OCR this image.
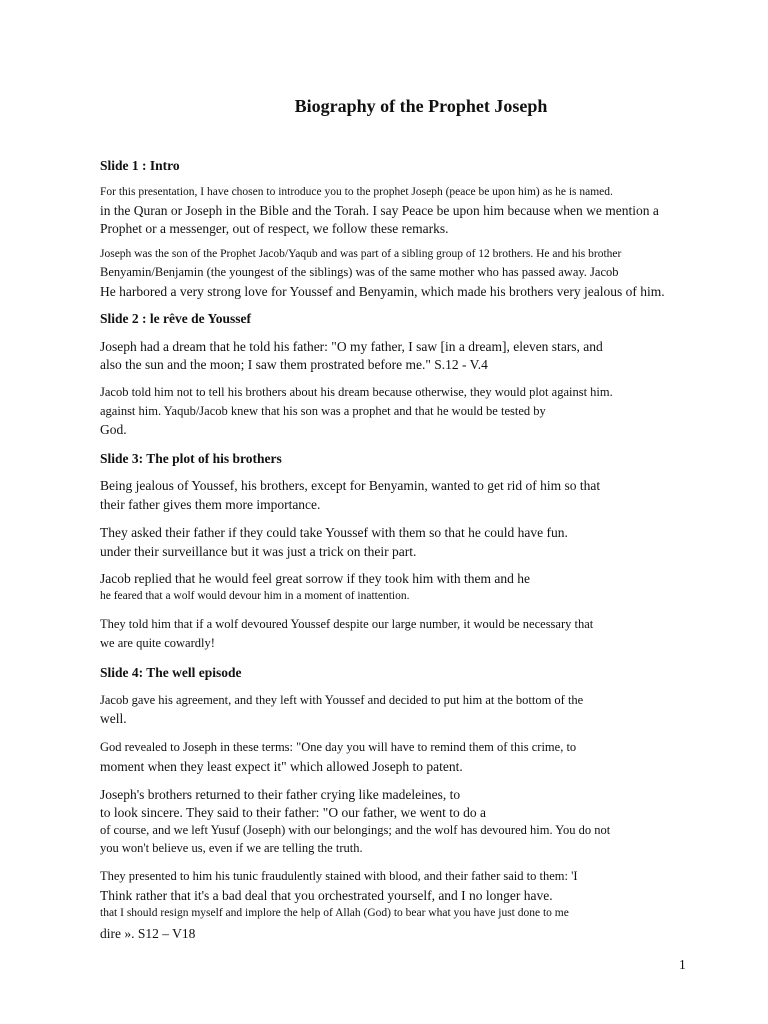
Biography of the Prophet Joseph
Slide 1 : Intro
For this presentation, I have chosen to introduce you to the prophet Joseph (peace be upon him) as he is named.
in the Quran or Joseph in the Bible and the Torah. I say Peace be upon him because when we mention a
Prophet or a messenger, out of respect, we follow these remarks.
Joseph was the son of the Prophet Jacob/Yaqub and was part of a sibling group of 12 brothers. He and his brother
Benyamin/Benjamin (the youngest of the siblings) was of the same mother who has passed away. Jacob
He harbored a very strong love for Youssef and Benyamin, which made his brothers very jealous of him.
Slide 2 : le rêve de Youssef
Joseph had a dream that he told his father: "O my father, I saw [in a dream], eleven stars, and
also the sun and the moon; I saw them prostrated before me." S.12 - V.4
Jacob told him not to tell his brothers about his dream because otherwise, they would plot against him.
against him. Yaqub/Jacob knew that his son was a prophet and that he would be tested by
God.
Slide 3: The plot of his brothers
Being jealous of Youssef, his brothers, except for Benyamin, wanted to get rid of him so that
their father gives them more importance.
They asked their father if they could take Youssef with them so that he could have fun.
under their surveillance but it was just a trick on their part.
Jacob replied that he would feel great sorrow if they took him with them and he
he feared that a wolf would devour him in a moment of inattention.
They told him that if a wolf devoured Youssef despite our large number, it would be necessary that
we are quite cowardly!
Slide 4: The well episode
Jacob gave his agreement, and they left with Youssef and decided to put him at the bottom of the
well.
God revealed to Joseph in these terms: "One day you will have to remind them of this crime, to
moment when they least expect it" which allowed Joseph to patent.
Joseph's brothers returned to their father crying like madeleines, to
to look sincere. They said to their father: "O our father, we went to do a
of course, and we left Yusuf (Joseph) with our belongings; and the wolf has devoured him. You do not
you won't believe us, even if we are telling the truth.
They presented to him his tunic fraudulently stained with blood, and their father said to them: 'I
Think rather that it's a bad deal that you orchestrated yourself, and I no longer have.
that I should resign myself and implore the help of Allah (God) to bear what you have just done to me
dire ». S12 – V18
1
